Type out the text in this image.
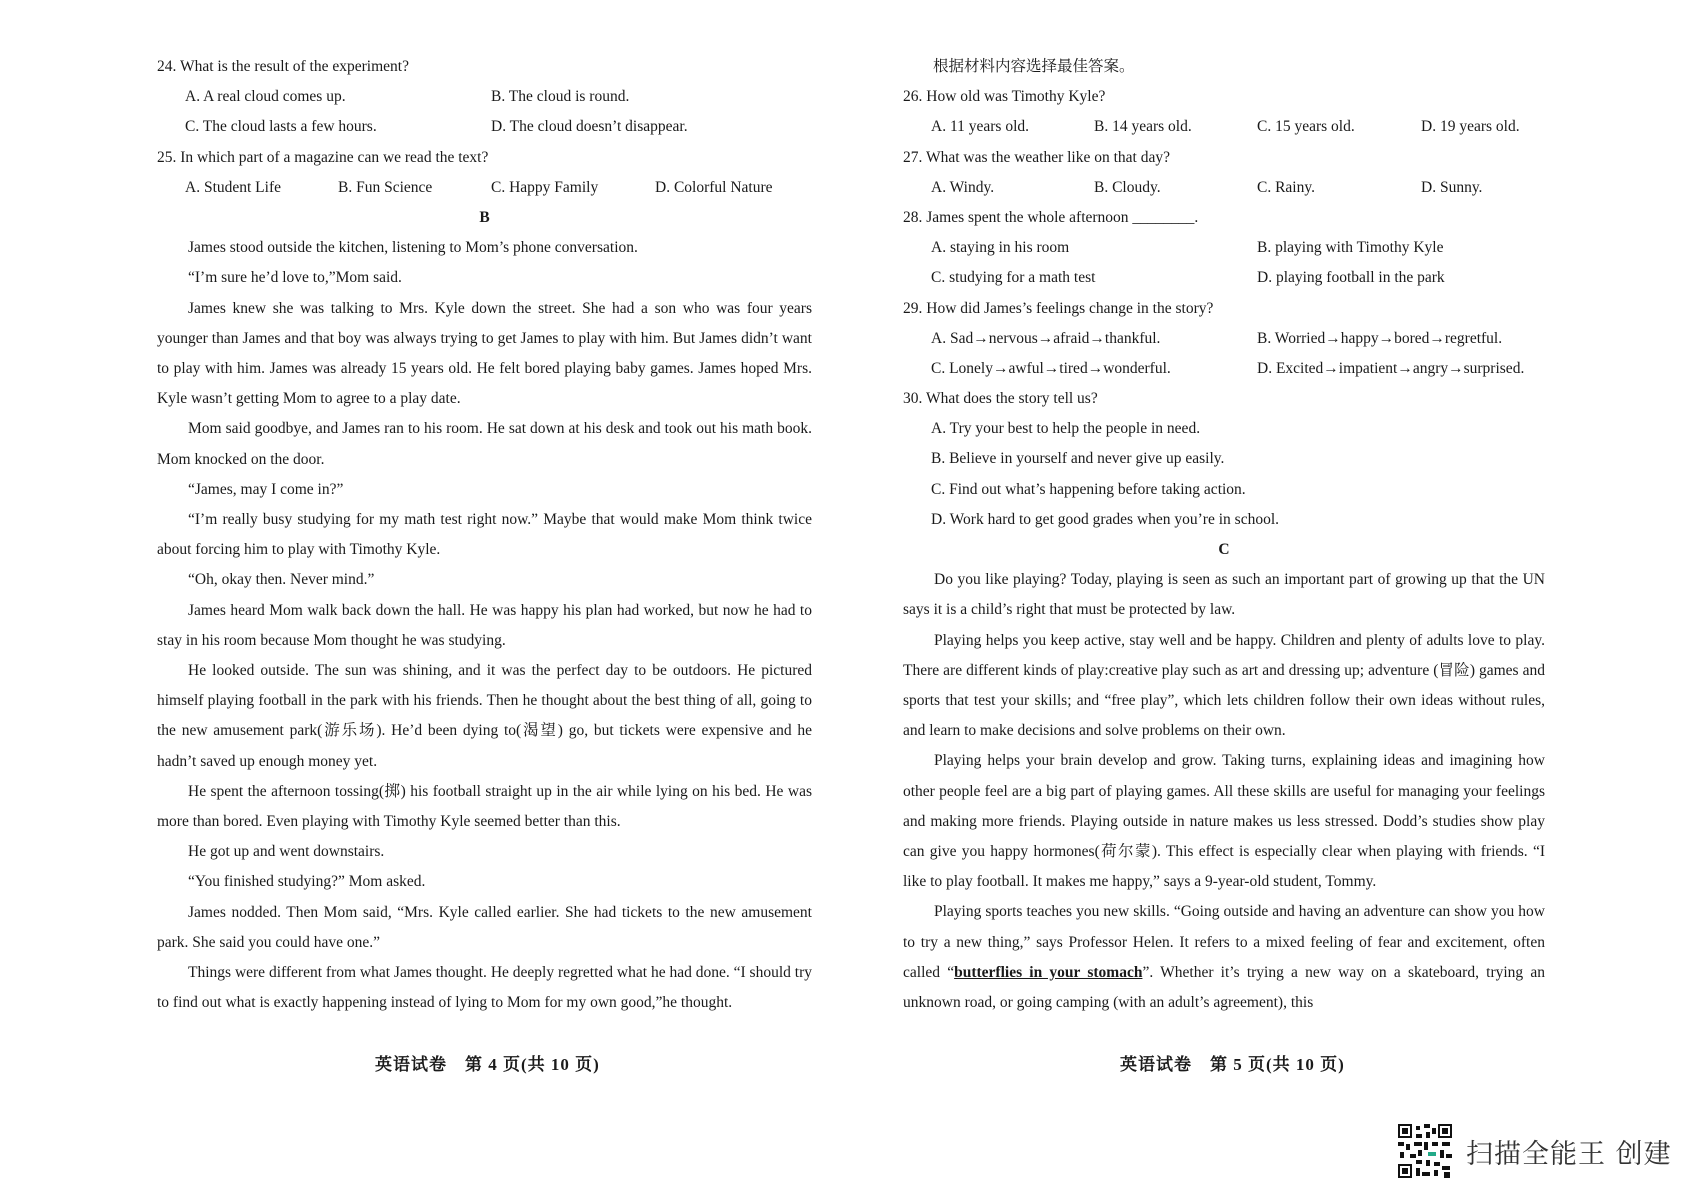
24. What is the result of the experiment?
A. A real cloud comes up.	B. The cloud is round.
C. The cloud lasts a few hours.	D. The cloud doesn’t disappear.
25. In which part of a magazine can we read the text?
A. Student Life	B. Fun Science	C. Happy Family	D. Colorful Nature
B

James stood outside the kitchen, listening to Mom’s phone conversation.

“I’m sure he’d love to,”Mom said.

James knew she was talking to Mrs. Kyle down the street. She had a son who was four years younger than James and that boy was always trying to get James to play with him. But James didn’t want to play with him. James was already 15 years old. He felt bored playing baby games. James hoped Mrs. Kyle wasn’t getting Mom to agree to a play date.

Mom said goodbye, and James ran to his room. He sat down at his desk and took out his math book. Mom knocked on the door.

“James, may I come in?”

“I’m really busy studying for my math test right now.” Maybe that would make Mom think twice about forcing him to play with Timothy Kyle.

“Oh, okay then. Never mind.”

James heard Mom walk back down the hall. He was happy his plan had worked, but now he had to stay in his room because Mom thought he was studying.

He looked outside. The sun was shining, and it was the perfect day to be outdoors. He pictured himself playing football in the park with his friends. Then he thought about the best thing of all, going to the new amusement park(游乐场). He’d been dying to(渴望) go, but tickets were expensive and he hadn’t saved up enough money yet.

He spent the afternoon tossing(掷) his football straight up in the air while lying on his bed. He was more than bored. Even playing with Timothy Kyle seemed better than this.

He got up and went downstairs.

“You finished studying?” Mom asked.

James nodded. Then Mom said, “Mrs. Kyle called earlier. She had tickets to the new amusement park. She said you could have one.”

Things were different from what James thought. He deeply regretted what he had done. “I should try to find out what is exactly happening instead of lying to Mom for my own good,”he thought.

英语试卷　第 4 页(共 10 页)
根据材料内容选择最佳答案。
26. How old was Timothy Kyle?
A. 11 years old.	B. 14 years old.	C. 15 years old.	D. 19 years old.
27. What was the weather like on that day?
A. Windy.	B. Cloudy.	C. Rainy.	D. Sunny.
28. James spent the whole afternoon ________.
A. staying in his room	B. playing with Timothy Kyle
C. studying for a math test	D. playing football in the park
29. How did James’s feelings change in the story?
A. Sad→nervous→afraid→thankful.	B. Worried→happy→bored→regretful.
C. Lonely→awful→tired→wonderful.	D. Excited→impatient→angry→surprised.
30. What does the story tell us?
A. Try your best to help the people in need.
B. Believe in yourself and never give up easily.
C. Find out what’s happening before taking action.
D. Work hard to get good grades when you’re in school.
C

Do you like playing? Today, playing is seen as such an important part of growing up that the UN says it is a child’s right that must be protected by law.

Playing helps you keep active, stay well and be happy. Children and plenty of adults love to play. There are different kinds of play:creative play such as art and dressing up; adventure (冒险) games and sports that test your skills; and “free play”, which lets children follow their own ideas without rules, and learn to make decisions and solve problems on their own.

Playing helps your brain develop and grow. Taking turns, explaining ideas and imagining how other people feel are a big part of playing games. All these skills are useful for managing your feelings and making more friends. Playing outside in nature makes us less stressed. Dodd’s studies show play can give you happy hormones(荷尔蒙). This effect is especially clear when playing with friends. “I like to play football. It makes me happy,” says a 9-year-old student, Tommy.

Playing sports teaches you new skills. “Going outside and having an adventure can show you how to try a new thing,” says Professor Helen. It refers to a mixed feeling of fear and excitement, often called “butterflies in your stomach”. Whether it’s trying a new way on a skateboard, trying an unknown road, or going camping (with an adult’s agreement), this

英语试卷　第 5 页(共 10 页)
扫描全能王 创建
